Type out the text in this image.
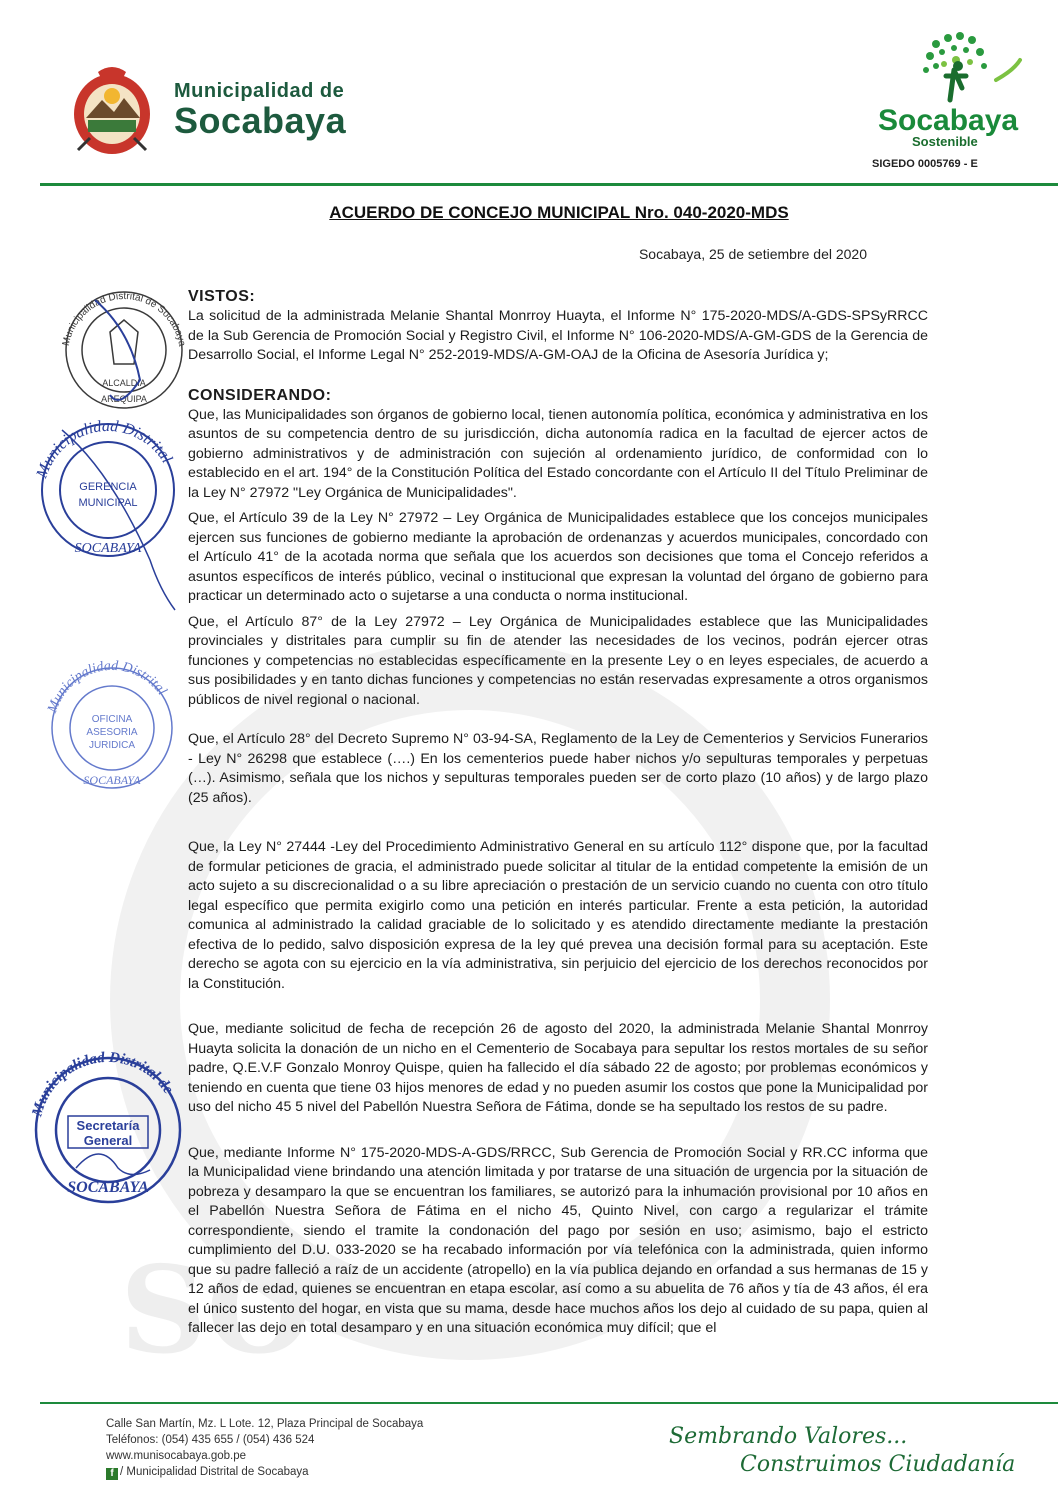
SO
Municipalidad de
Socabaya	Socabaya
Sostenible
SIGEDO 0005769 - E
ACUERDO DE CONCEJO MUNICIPAL Nro. 040-2020-MDS
Socabaya, 25 de setiembre del 2020

VISTOS:

La solicitud de la administrada Melanie Shantal Monrroy Huayta, el Informe N° 175-2020-MDS/A-GDS-SPSyRRCC de la Sub Gerencia de Promoción Social y Registro Civil, el Informe N° 106-2020-MDS/A-GM-GDS de la Gerencia de Desarrollo Social, el Informe Legal N° 252-2019-MDS/A-GM-OAJ de la Oficina de Asesoría Jurídica y;

CONSIDERANDO:

Que, las Municipalidades son órganos de gobierno local, tienen autonomía política, económica y administrativa en los asuntos de su competencia dentro de su jurisdicción, dicha autonomía radica en la facultad de ejercer actos de gobierno administrativos y de administración con sujeción al ordenamiento jurídico, de conformidad con lo establecido en el art. 194° de la Constitución Política del Estado concordante con el Artículo II del Título Preliminar de la Ley N° 27972 "Ley Orgánica de Municipalidades".

Que, el Artículo 39 de la Ley N° 27972 – Ley Orgánica de Municipalidades establece que los concejos municipales ejercen sus funciones de gobierno mediante la aprobación de ordenanzas y acuerdos municipales, concordado con el Artículo 41° de la acotada norma que señala que los acuerdos son decisiones que toma el Concejo referidos a asuntos específicos de interés público, vecinal o institucional que expresan la voluntad del órgano de gobierno para practicar un determinado acto o sujetarse a una conducta o norma institucional.

Que, el Artículo 87° de la Ley 27972 – Ley Orgánica de Municipalidades establece que las Municipalidades provinciales y distritales para cumplir su fin de atender las necesidades de los vecinos, podrán ejercer otras funciones y competencias no establecidas específicamente en la presente Ley o en leyes especiales, de acuerdo a sus posibilidades y en tanto dichas funciones y competencias no están reservadas expresamente a otros organismos públicos de nivel regional o nacional.

Que, el Artículo 28° del Decreto Supremo N° 03-94-SA, Reglamento de la Ley de Cementerios y Servicios Funerarios - Ley N° 26298 que establece (….) En los cementerios puede haber nichos y/o sepulturas temporales y perpetuas (…). Asimismo, señala que los nichos y sepulturas temporales pueden ser de corto plazo (10 años) y de largo plazo (25 años).

Que, la Ley N° 27444 -Ley del Procedimiento Administrativo General en su artículo 112° dispone que, por la facultad de formular peticiones de gracia, el administrado puede solicitar al titular de la entidad competente la emisión de un acto sujeto a su discrecionalidad o a su libre apreciación o prestación de un servicio cuando no cuenta con otro título legal específico que permita exigirlo como una petición en interés particular. Frente a esta petición, la autoridad comunica al administrado la calidad graciable de lo solicitado y es atendido directamente mediante la prestación efectiva de lo pedido, salvo disposición expresa de la ley qué prevea una decisión formal para su aceptación. Este derecho se agota con su ejercicio en la vía administrativa, sin perjuicio del ejercicio de los derechos reconocidos por la Constitución.

Que, mediante solicitud de fecha de recepción 26 de agosto del 2020, la administrada Melanie Shantal Monrroy Huayta solicita la donación de un nicho en el Cementerio de Socabaya para sepultar los restos mortales de su señor padre, Q.E.V.F Gonzalo Monroy Quispe, quien ha fallecido el día sábado 22 de agosto; por problemas económicos y teniendo en cuenta que tiene 03 hijos menores de edad y no pueden asumir los costos que pone la Municipalidad por uso del nicho 45 5 nivel del Pabellón Nuestra Señora de Fátima, donde se ha sepultado los restos de su padre.

Que, mediante Informe N° 175-2020-MDS-A-GDS/RRCC, Sub Gerencia de Promoción Social y RR.CC informa que la Municipalidad viene brindando una atención limitada y por tratarse de una situación de urgencia por la situación de pobreza y desamparo la que se encuentran los familiares, se autorizó para la inhumación provisional por 10 años en el Pabellón Nuestra Señora de Fátima en el nicho 45, Quinto Nivel, con cargo a regularizar el trámite correspondiente, siendo el tramite la condonación del pago por sesión en uso; asimismo, bajo el estricto cumplimiento del D.U. 033-2020 se ha recabado información por vía telefónica con la administrada, quien informo que su padre falleció a raíz de un accidente (atropello) en la vía publica dejando en orfandad a sus hermanas de 15 y 12 años de edad, quienes se encuentran en etapa escolar, así como a su abuelita de 76 años y tía de 43 años, él era el único sustento del hogar, en vista que su mama, desde hace muchos años los dejo al cuidado de su papa, quien al fallecer las dejo en total desamparo y en una situación económica muy difícil; que el

Municipalidad Distrital de Socabaya
ALCALDIA
AREQUIPA
Municipalidad Distrital
GERENCIA
MUNICIPAL
SOCABAYA
Municipalidad Distrital
OFICINA
ASESORIA
JURIDICA
SOCABAYA
Municipalidad Distrital de
Secretaría
General
SOCABAYA
Calle San Martín, Mz. L Lote. 12, Plaza Principal de Socabaya
Teléfonos: (054) 435 655 / (054) 436 524
www.munisocabaya.gob.pe
f / Municipalidad Distrital de Socabaya
Sembrando Valores...
Construimos Ciudadanía
